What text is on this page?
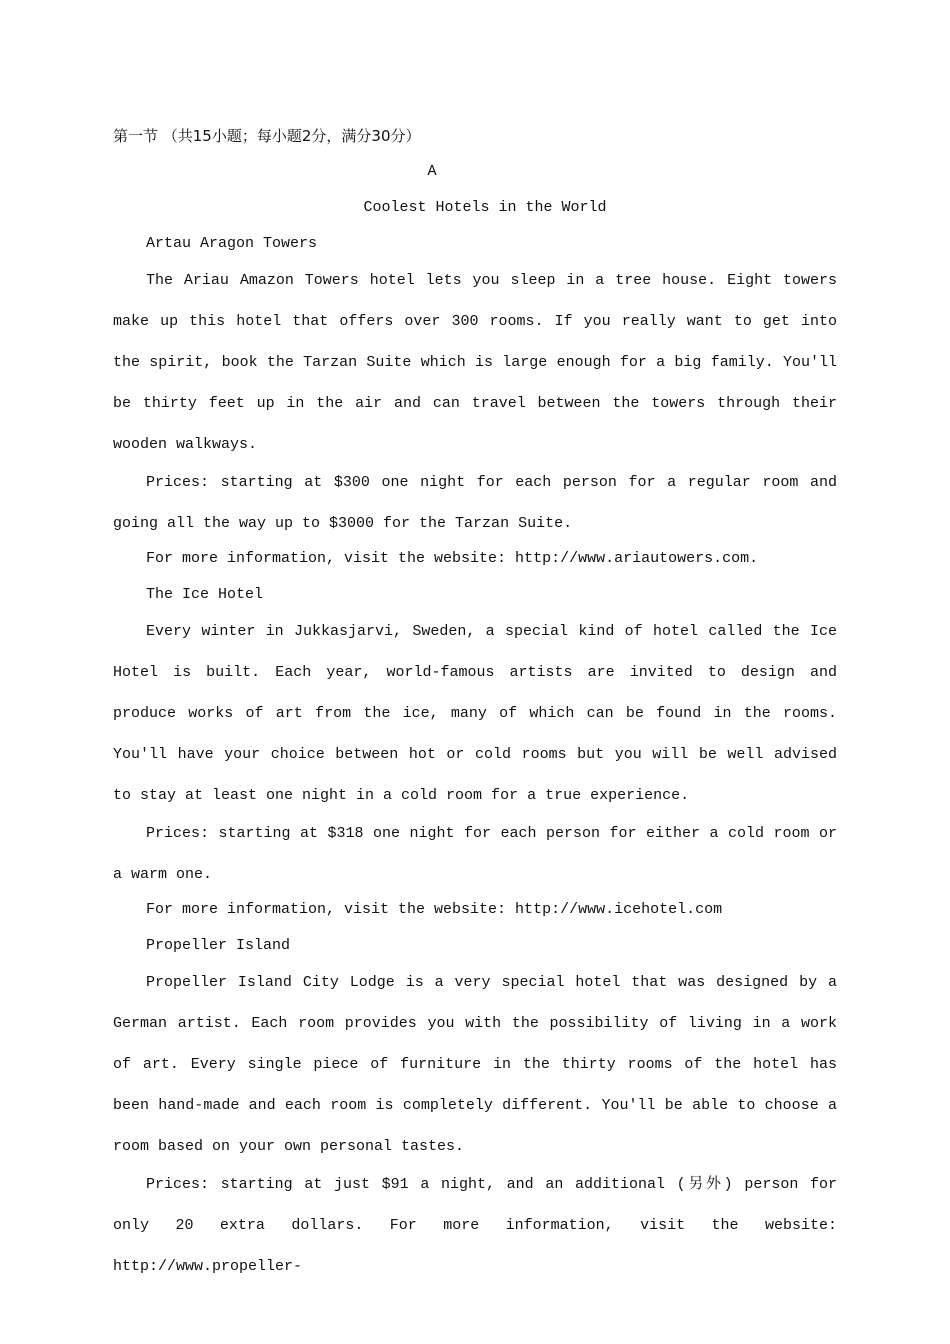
第一节 （共15小题；每小题2分，满分30分）
A
Coolest Hotels in the World
Artau Aragon Towers
The Ariau Amazon Towers hotel lets you sleep in a tree house. Eight towers make up this hotel that offers over 300 rooms. If you really want to get into the spirit, book the Tarzan Suite which is large enough for a big family. You'll be thirty feet up in the air and can travel between the towers through their wooden walkways.
Prices: starting at $300 one night for each person for a regular room and going all the way up to $3000 for the Tarzan Suite.
For more information, visit the website: http://www.ariautowers.com.
The Ice Hotel
Every winter in Jukkasjarvi, Sweden, a special kind of hotel called the Ice Hotel is built. Each year, world-famous artists are invited to design and produce works of art from the ice, many of which can be found in the rooms. You'll have your choice between hot or cold rooms but you will be well advised to stay at least one night in a cold room for a true experience.
Prices: starting at $318 one night for each person for either a cold room or a warm one.
For more information, visit the website: http://www.icehotel.com
Propeller Island
Propeller Island City Lodge is a very special hotel that was designed by a German artist. Each room provides you with the possibility of living in a work of art. Every single piece of furniture in the thirty rooms of the hotel has been hand-made and each room is completely different. You'll be able to choose a room based on your own personal tastes.
Prices: starting at just $91 a night, and an additional (另外) person for only 20 extra dollars. For more information, visit the website: http://www.propeller-
